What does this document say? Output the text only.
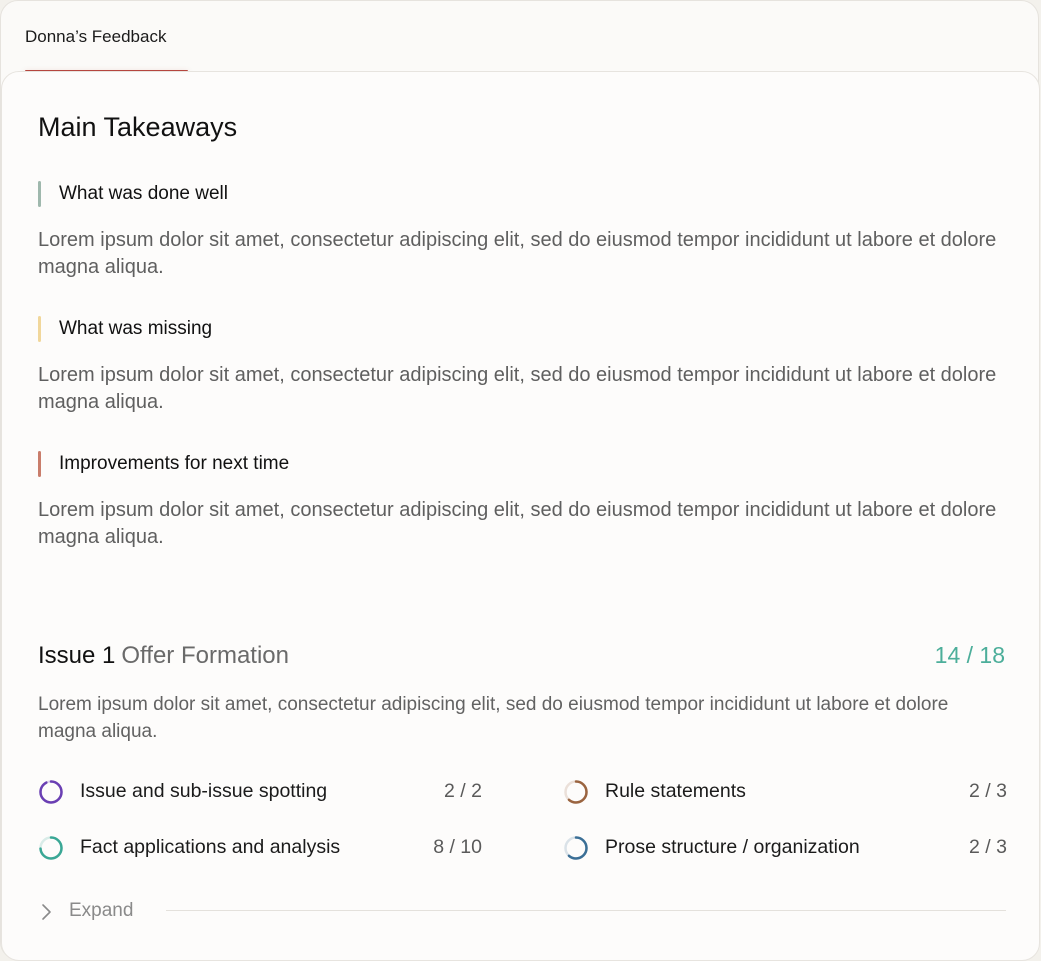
Donna’s Feedback
Main Takeaways
What was done well
Lorem ipsum dolor sit amet, consectetur adipiscing elit, sed do eiusmod tempor incididunt ut labore et dolore magna aliqua.
What was missing
Lorem ipsum dolor sit amet, consectetur adipiscing elit, sed do eiusmod tempor incididunt ut labore et dolore magna aliqua.
Improvements for next time
Lorem ipsum dolor sit amet, consectetur adipiscing elit, sed do eiusmod tempor incididunt ut labore et dolore magna aliqua.
Issue 1 Offer Formation	14 / 18
Lorem ipsum dolor sit amet, consectetur adipiscing elit, sed do eiusmod tempor incididunt ut labore et dolore magna aliqua.
Issue and sub-issue spotting	2 / 2	Rule statements	2 / 3
Fact applications and analysis	8 / 10	Prose structure / organization	2 / 3
Expand
